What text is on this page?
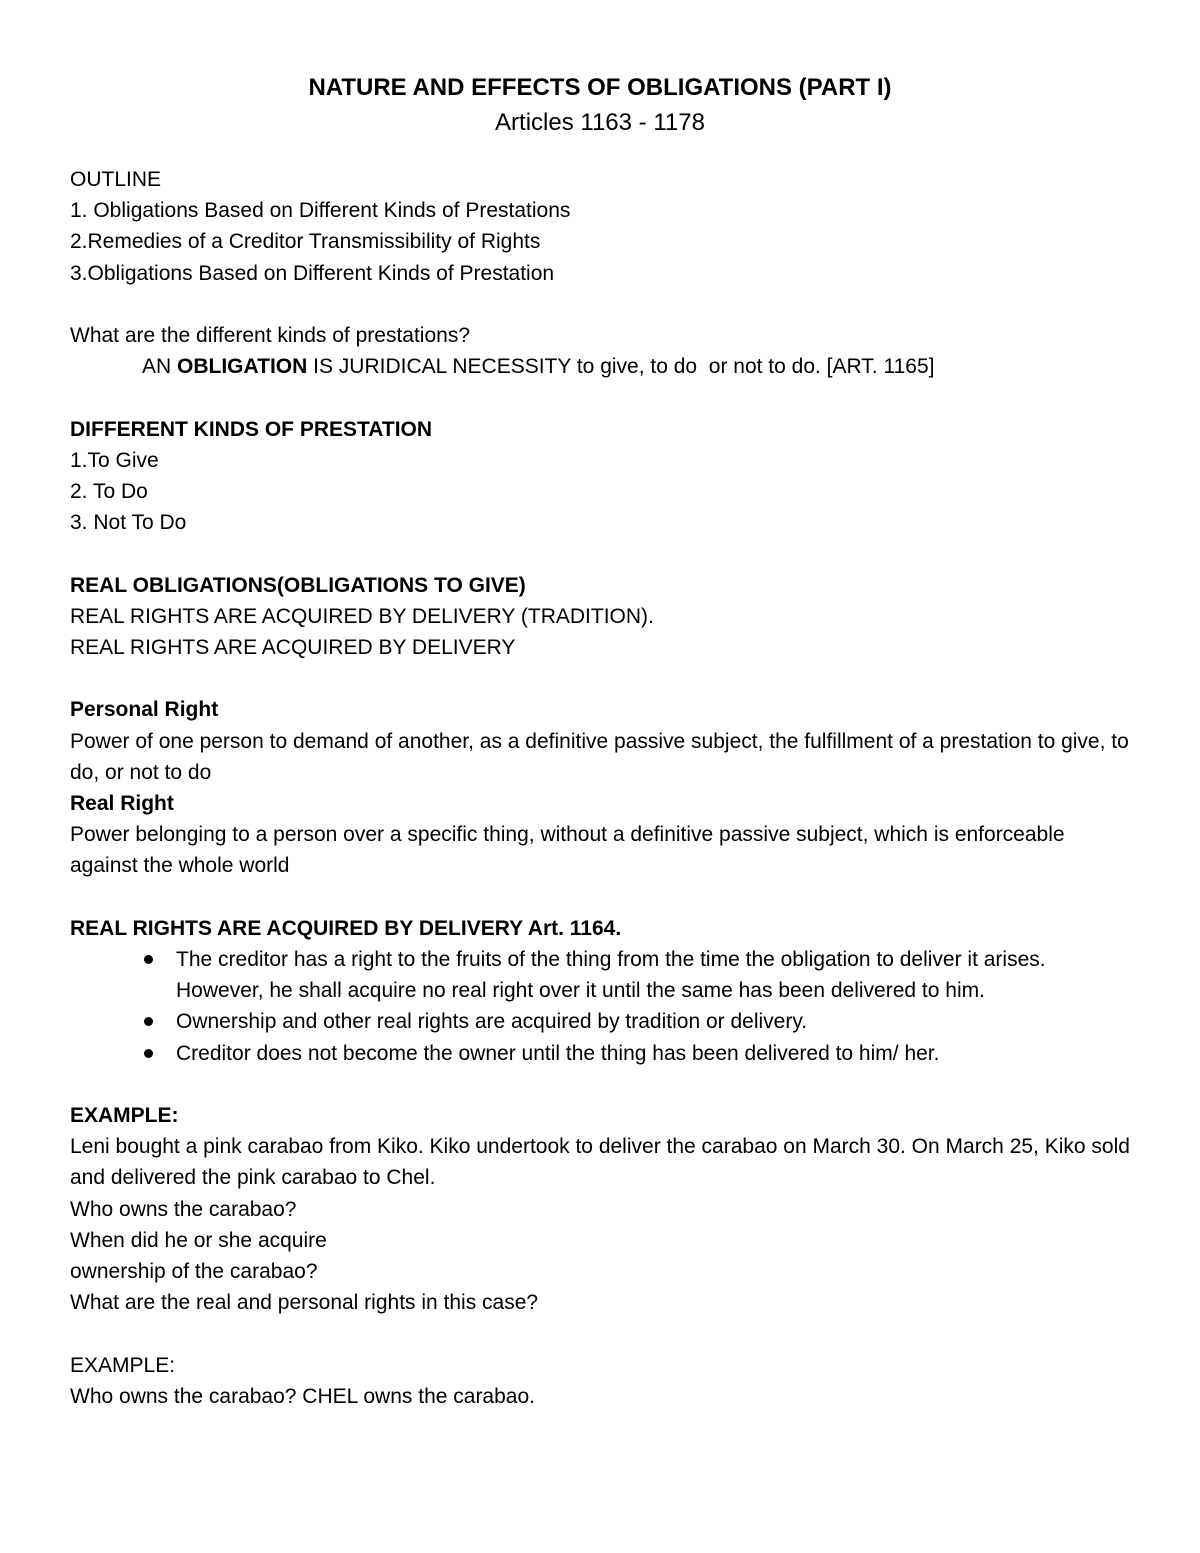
NATURE AND EFFECTS OF OBLIGATIONS (PART I)
Articles 1163 - 1178
OUTLINE
1. Obligations Based on Different Kinds of Prestations
2.Remedies of a Creditor Transmissibility of Rights
3.Obligations Based on Different Kinds of Prestation
What are the different kinds of prestations?
AN OBLIGATION IS JURIDICAL NECESSITY to give, to do  or not to do. [ART. 1165]
DIFFERENT KINDS OF PRESTATION
1.To Give
2. To Do
3. Not To Do
REAL OBLIGATIONS(OBLIGATIONS TO GIVE)
REAL RIGHTS ARE ACQUIRED BY DELIVERY (TRADITION).
REAL RIGHTS ARE ACQUIRED BY DELIVERY
Personal Right
Power of one person to demand of another, as a definitive passive subject, the fulfillment of a prestation to give, to do, or not to do
Real Right
Power belonging to a person over a specific thing, without a definitive passive subject, which is enforceable against the whole world
REAL RIGHTS ARE ACQUIRED BY DELIVERY Art. 1164.
The creditor has a right to the fruits of the thing from the time the obligation to deliver it arises. However, he shall acquire no real right over it until the same has been delivered to him.
Ownership and other real rights are acquired by tradition or delivery.
Creditor does not become the owner until the thing has been delivered to him/ her.
EXAMPLE:
Leni bought a pink carabao from Kiko. Kiko undertook to deliver the carabao on March 30. On March 25, Kiko sold and delivered the pink carabao to Chel.
Who owns the carabao?
When did he or she acquire
ownership of the carabao?
What are the real and personal rights in this case?
EXAMPLE:
Who owns the carabao? CHEL owns the carabao.
